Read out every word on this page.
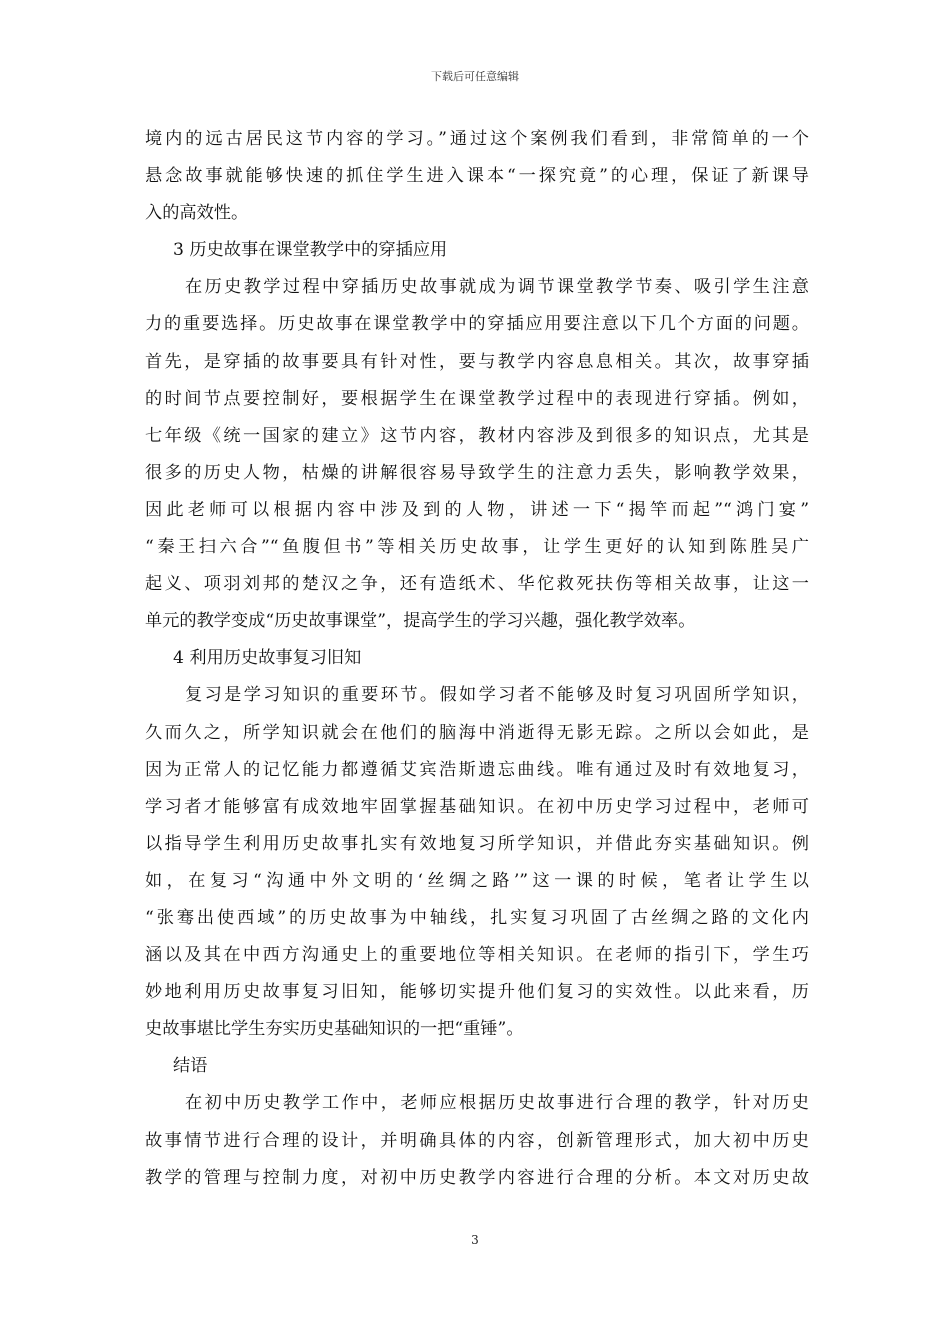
下载后可任意编辑
境内的远古居民这节内容的学习。”通过这个案例我们看到，非常简单的一个
悬念故事就能够快速的抓住学生进入课本“一探究竟”的心理，保证了新课导
入的高效性。
3 历史故事在课堂教学中的穿插应用
在历史教学过程中穿插历史故事就成为调节课堂教学节奏、吸引学生注意
力的重要选择。历史故事在课堂教学中的穿插应用要注意以下几个方面的问题。
首先，是穿插的故事要具有针对性，要与教学内容息息相关。其次，故事穿插
的时间节点要控制好，要根据学生在课堂教学过程中的表现进行穿插。例如，
七年级《统一国家的建立》这节内容，教材内容涉及到很多的知识点，尤其是
很多的历史人物，枯燥的讲解很容易导致学生的注意力丢失，影响教学效果，
因此老师可以根据内容中涉及到的人物，讲述一下“揭竿而起”“鸿门宴”
“秦王扫六合”“鱼腹但书”等相关历史故事，让学生更好的认知到陈胜吴广
起义、项羽刘邦的楚汉之争，还有造纸术、华佗救死扶伤等相关故事，让这一
单元的教学变成“历史故事课堂”，提高学生的学习兴趣，强化教学效率。
4 利用历史故事复习旧知
复习是学习知识的重要环节。假如学习者不能够及时复习巩固所学知识，
久而久之，所学知识就会在他们的脑海中消逝得无影无踪。之所以会如此，是
因为正常人的记忆能力都遵循艾宾浩斯遗忘曲线。唯有通过及时有效地复习，
学习者才能够富有成效地牢固掌握基础知识。在初中历史学习过程中，老师可
以指导学生利用历史故事扎实有效地复习所学知识，并借此夯实基础知识。例
如，在复习“沟通中外文明的‘丝绸之路’”这一课的时候，笔者让学生以
“张骞出使西域”的历史故事为中轴线，扎实复习巩固了古丝绸之路的文化内
涵以及其在中西方沟通史上的重要地位等相关知识。在老师的指引下，学生巧
妙地利用历史故事复习旧知，能够切实提升他们复习的实效性。以此来看，历
史故事堪比学生夯实历史基础知识的一把“重锤”。
结语
在初中历史教学工作中，老师应根据历史故事进行合理的教学，针对历史
故事情节进行合理的设计，并明确具体的内容，创新管理形式，加大初中历史
教学的管理与控制力度，对初中历史教学内容进行合理的分析。本文对历史故
3
